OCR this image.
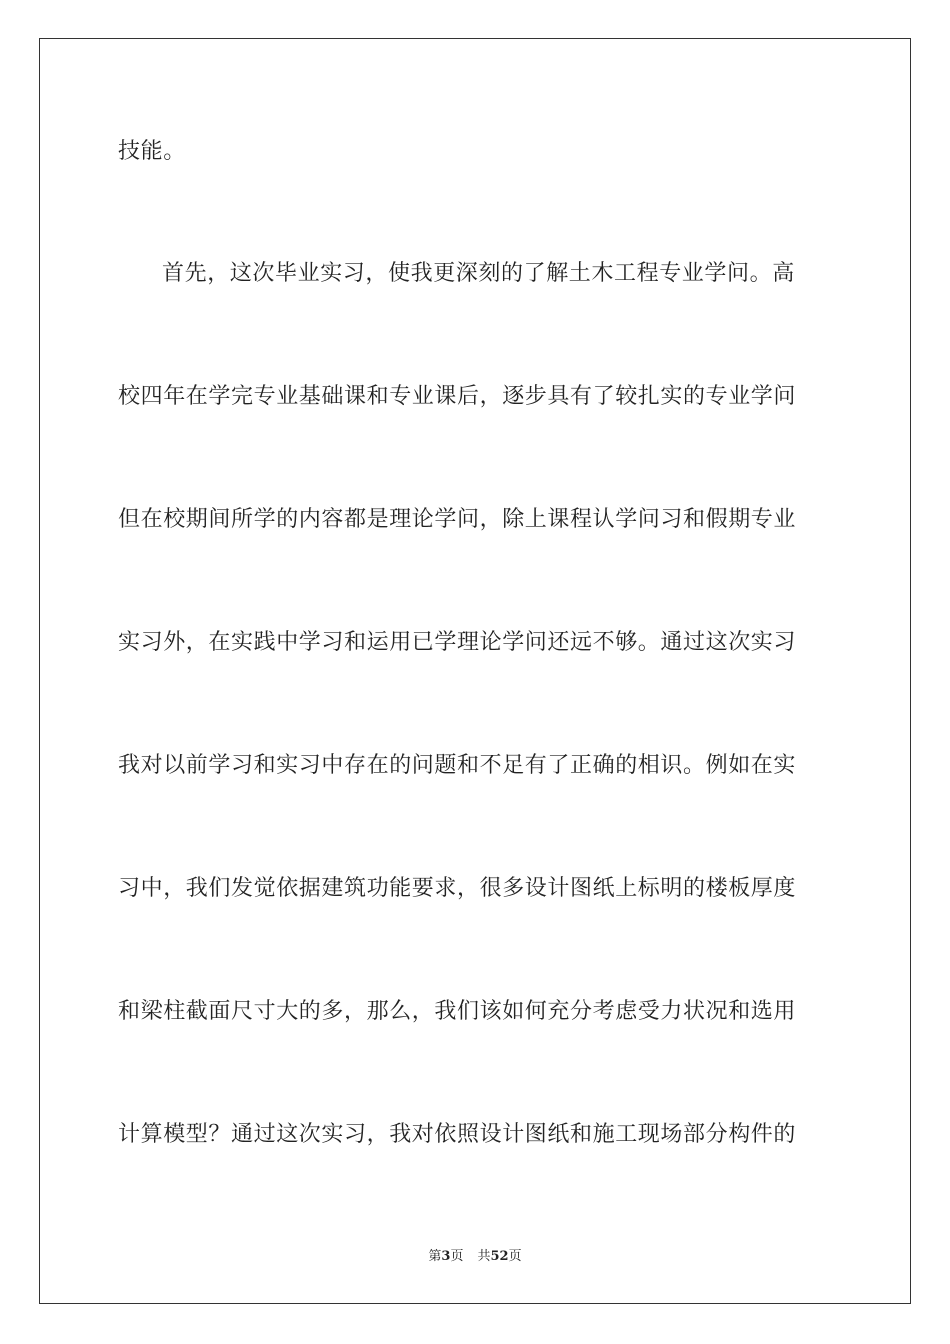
技能。
首先，这次毕业实习，使我更深刻的了解土木工程专业学问。高
校四年在学完专业基础课和专业课后，逐步具有了较扎实的专业学问
但在校期间所学的内容都是理论学问，除上课程认学问习和假期专业
实习外，在实践中学习和运用已学理论学问还远不够。通过这次实习
我对以前学习和实习中存在的问题和不足有了正确的相识。例如在实
习中，我们发觉依据建筑功能要求，很多设计图纸上标明的楼板厚度
和梁柱截面尺寸大的多，那么，我们该如何充分考虑受力状况和选用
计算模型？通过这次实习，我对依照设计图纸和施工现场部分构件的
第3页 共52页
